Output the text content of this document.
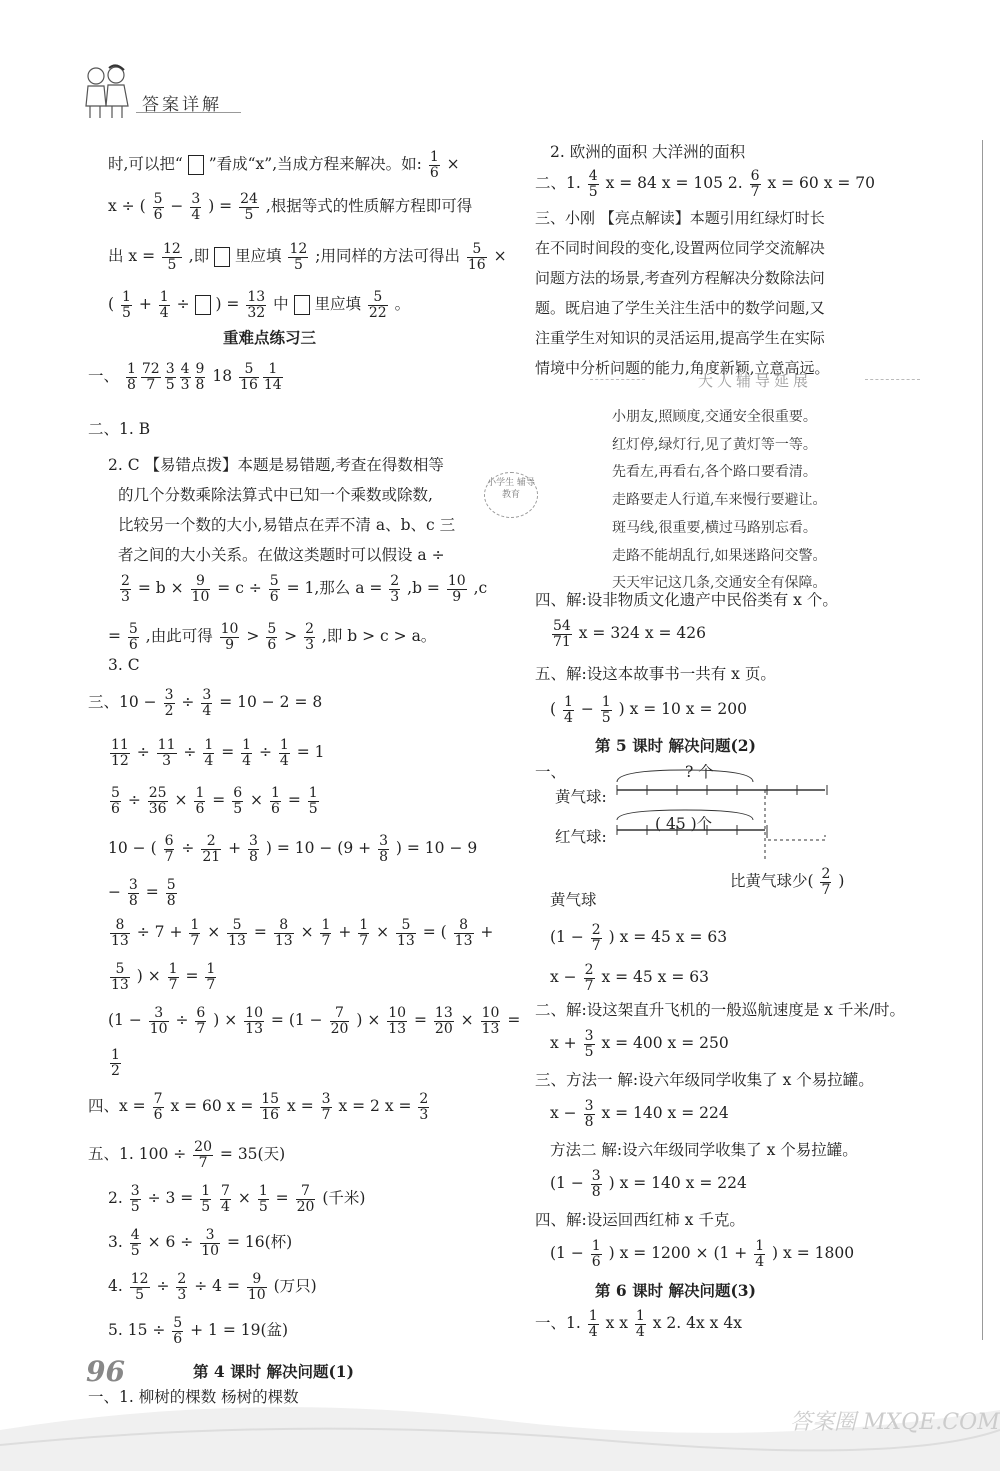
答案详解
时,可以把“  ”看成“x”,当成方程来解决。如: $\frac{1}{6}$ ×
x ÷ ( $\frac{5}{6} - \frac{3}{4}$ ) = $\frac{24}{5}$ ,根据等式的性质解方程即可得
出 $x = \frac{12}{5}$ ,即  里应填 $\frac{12}{5}$ ;用同样的方法可得出 $\frac{5}{16}$ ×
( $\frac{1}{5} + \frac{1}{4}$ ÷  ) = $\frac{13}{32}$ 中  里应填 $\frac{5}{22}$ 。
重难点练习三
一、 $\frac{1}{8} \frac{72}{7} \frac{3}{5} \frac{4}{3} \frac{9}{8} 18 \frac{5}{16} \frac{1}{14}$
二、1. B
2. C 【易错点拨】本题是易错题,考查在得数相等
的几个分数乘除法算式中已知一个乘数或除数,
比较另一个数的大小,易错点在弄不清 a、b、c 三
者之间的大小关系。在做这类题时可以假设 a ÷
$\frac{2}{3} = b \times \frac{9}{10} = c \div \frac{5}{6} = 1$,那么 $a = \frac{2}{3} ,b = \frac{10}{9} ,c$
= $\frac{5}{6}$ ,由此可得 $\frac{10}{9} > \frac{5}{6} > \frac{2}{3}$ ,即 b > c > a。
3. C
三、$10 - \frac{3}{2} \div \frac{3}{4} = 10 - 2 = 8$
$\frac{11}{12} \div \frac{11}{3} \div \frac{1}{4} = \frac{1}{4} \div \frac{1}{4} = 1$
$\frac{5}{6} \div \frac{25}{36} \times \frac{1}{6} = \frac{6}{5} \times \frac{1}{6} = \frac{1}{5}$
10 − ( $\frac{6}{7} \div \frac{2}{21} + \frac{3}{8}$ ) = $10 - (9 + \frac{3}{8}$ ) = 10 − 9
− $\frac{3}{8} = \frac{5}{8}$
$\frac{8}{13} \div 7 + \frac{1}{7} \times \frac{5}{13} = \frac{8}{13} \times \frac{1}{7} + \frac{1}{7} \times \frac{5}{13}$ = ( $\frac{8}{13}$ +
$\frac{5}{13}$ ) × $\frac{1}{7} = \frac{1}{7}$
($1 - \frac{3}{10} \div \frac{6}{7}$ ) × $\frac{10}{13} = (1 - \frac{7}{20}$ ) × $\frac{10}{13} = \frac{13}{20} \times \frac{10}{13}$ =
$\frac{1}{2}$
四、$x = \frac{7}{6}$ x = 60 $x = \frac{15}{16}$ $x = \frac{3}{7}$ x = 2 $x = \frac{2}{3}$
五、1. $100 \div \frac{20}{7} = 35$(天)
2. $\frac{3}{5} \div 3 = \frac{1}{5}$
$\frac{7}{4} \times \frac{1}{5} = \frac{7}{20}$ (千米)
3. $\frac{4}{5} \times 6 \div \frac{3}{10} = 16$(杯)
4. $\frac{12}{5} \div \frac{2}{3} \div 4 = \frac{9}{10}$ (万只)
5. $15 \div \frac{5}{6} + 1 = 19$(盆)
第 4 课时 解决问题(1)
一、1. 柳树的棵数 杨树的棵数
2. 欧洲的面积 大洋洲的面积
二、1. $\frac{4}{5}$ x = 84 x = 105 2. $\frac{6}{7}$ x = 60 x = 70
三、小刚 【亮点解读】本题引用红绿灯时长在不同时间段的变化,设置两位同学交流解决问题方法的场景,考查列方程解决分数除法问题。既启迪了学生关注生活中的数学问题,又注重学生对知识的灵活运用,提高学生在实际情境中分析问题的能力,角度新颖,立意高远。
四、解:设非物质文化遗产中民俗类有 x 个。
$\frac{54}{71}$ x = 324 x = 426
五、解:设这本故事书一共有 x 页。
( $\frac{1}{4} - \frac{1}{5}$ ) x = 10 x = 200
第 5 课时 解决问题(2)
一、	? 个
黄气球:
( 45 )个
红气球:
比黄气球少( $\frac{2}{7}$ )
黄气球
($1 - \frac{2}{7}$ ) x = 45 x = 63
$x - \frac{2}{7}$ x = 45 x = 63
二、解:设这架直升飞机的一般巡航速度是 x 千米/时。
$x + \frac{3}{5}$ x = 400 x = 250
三、方法一 解:设六年级同学收集了 x 个易拉罐。
$x - \frac{3}{8}$ x = 140 x = 224
方法二 解:设六年级同学收集了 x 个易拉罐。
($1 - \frac{3}{8}$ ) x = 140 x = 224
四、解:设运回西红柿 x 千克。
($1 - \frac{1}{6}$ ) $x = 1200 \times (1 + \frac{1}{4}$ ) x = 1800
第 6 课时 解决问题(3)
一、1. $\frac{1}{4}$ x x $\frac{1}{4}$ x 2. 4x x 4x
大人辅导延展
小朋友,照顾度,交通安全很重要。
红灯停,绿灯行,见了黄灯等一等。
先看左,再看右,各个路口要看清。
走路要走人行道,车来慢行要避让。
斑马线,很重要,横过马路别忘看。
走路不能胡乱行,如果迷路问交警。
天天牢记这几条,交通安全有保障。
小学生 辅导 教育
96
答案圈 MXQE.COM
